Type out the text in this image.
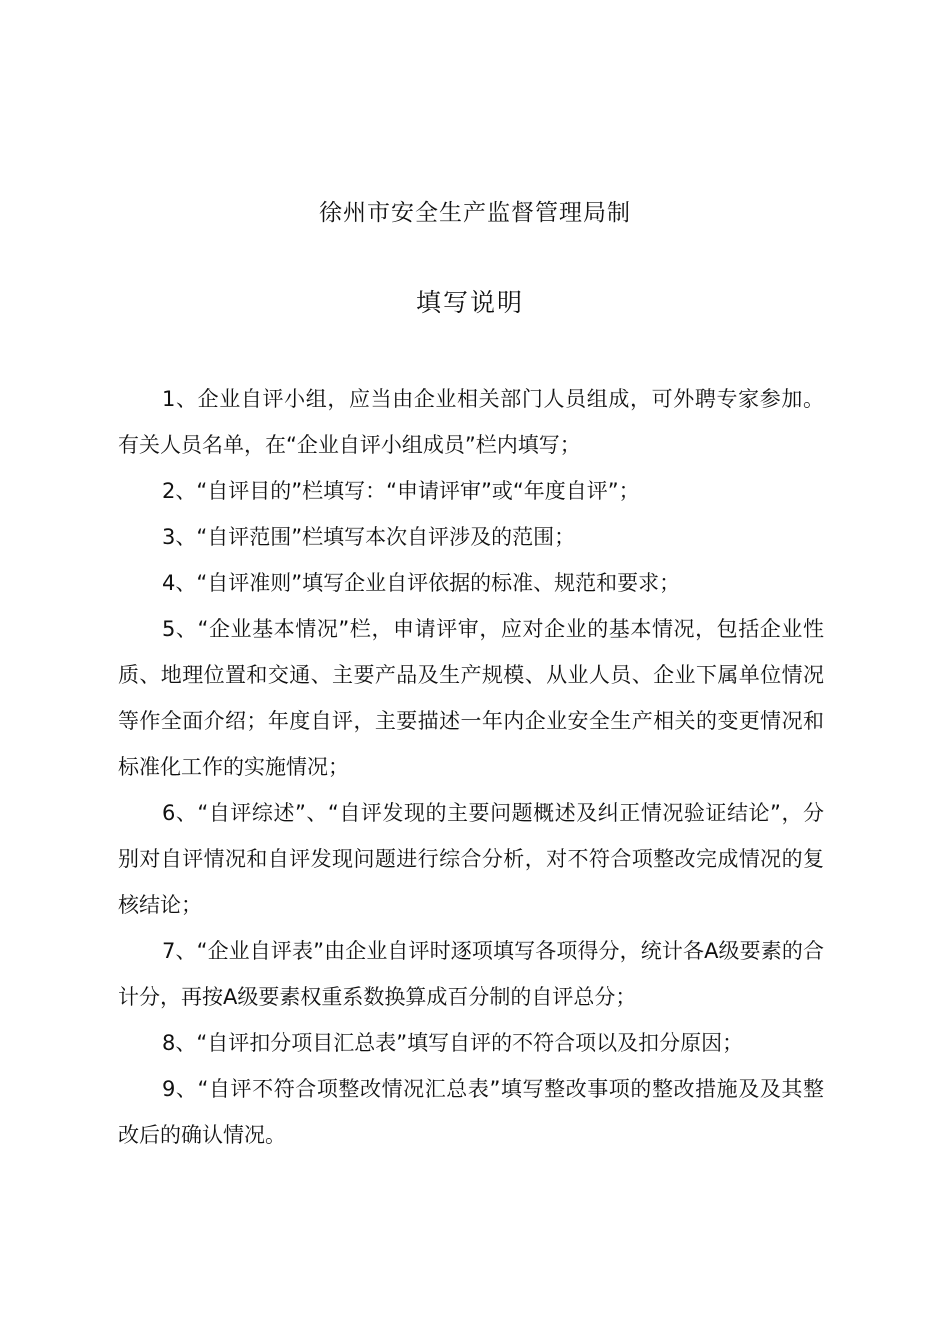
徐州市安全生产监督管理局制
填写说明

1、企业自评小组，应当由企业相关部门人员组成，可外聘专家参加。有关人员名单，在“企业自评小组成员”栏内填写；

2、“自评目的”栏填写：“申请评审”或“年度自评”；

3、“自评范围”栏填写本次自评涉及的范围；

4、“自评准则”填写企业自评依据的标准、规范和要求；

5、“企业基本情况”栏，申请评审，应对企业的基本情况，包括企业性质、地理位置和交通、主要产品及生产规模、从业人员、企业下属单位情况等作全面介绍；年度自评，主要描述一年内企业安全生产相关的变更情况和标准化工作的实施情况；

6、“自评综述”、“自评发现的主要问题概述及纠正情况验证结论”，分别对自评情况和自评发现问题进行综合分析，对不符合项整改完成情况的复核结论；

7、“企业自评表”由企业自评时逐项填写各项得分，统计各A级要素的合计分，再按A级要素权重系数换算成百分制的自评总分；

8、“自评扣分项目汇总表”填写自评的不符合项以及扣分原因；

9、“自评不符合项整改情况汇总表”填写整改事项的整改措施及及其整改后的确认情况。
